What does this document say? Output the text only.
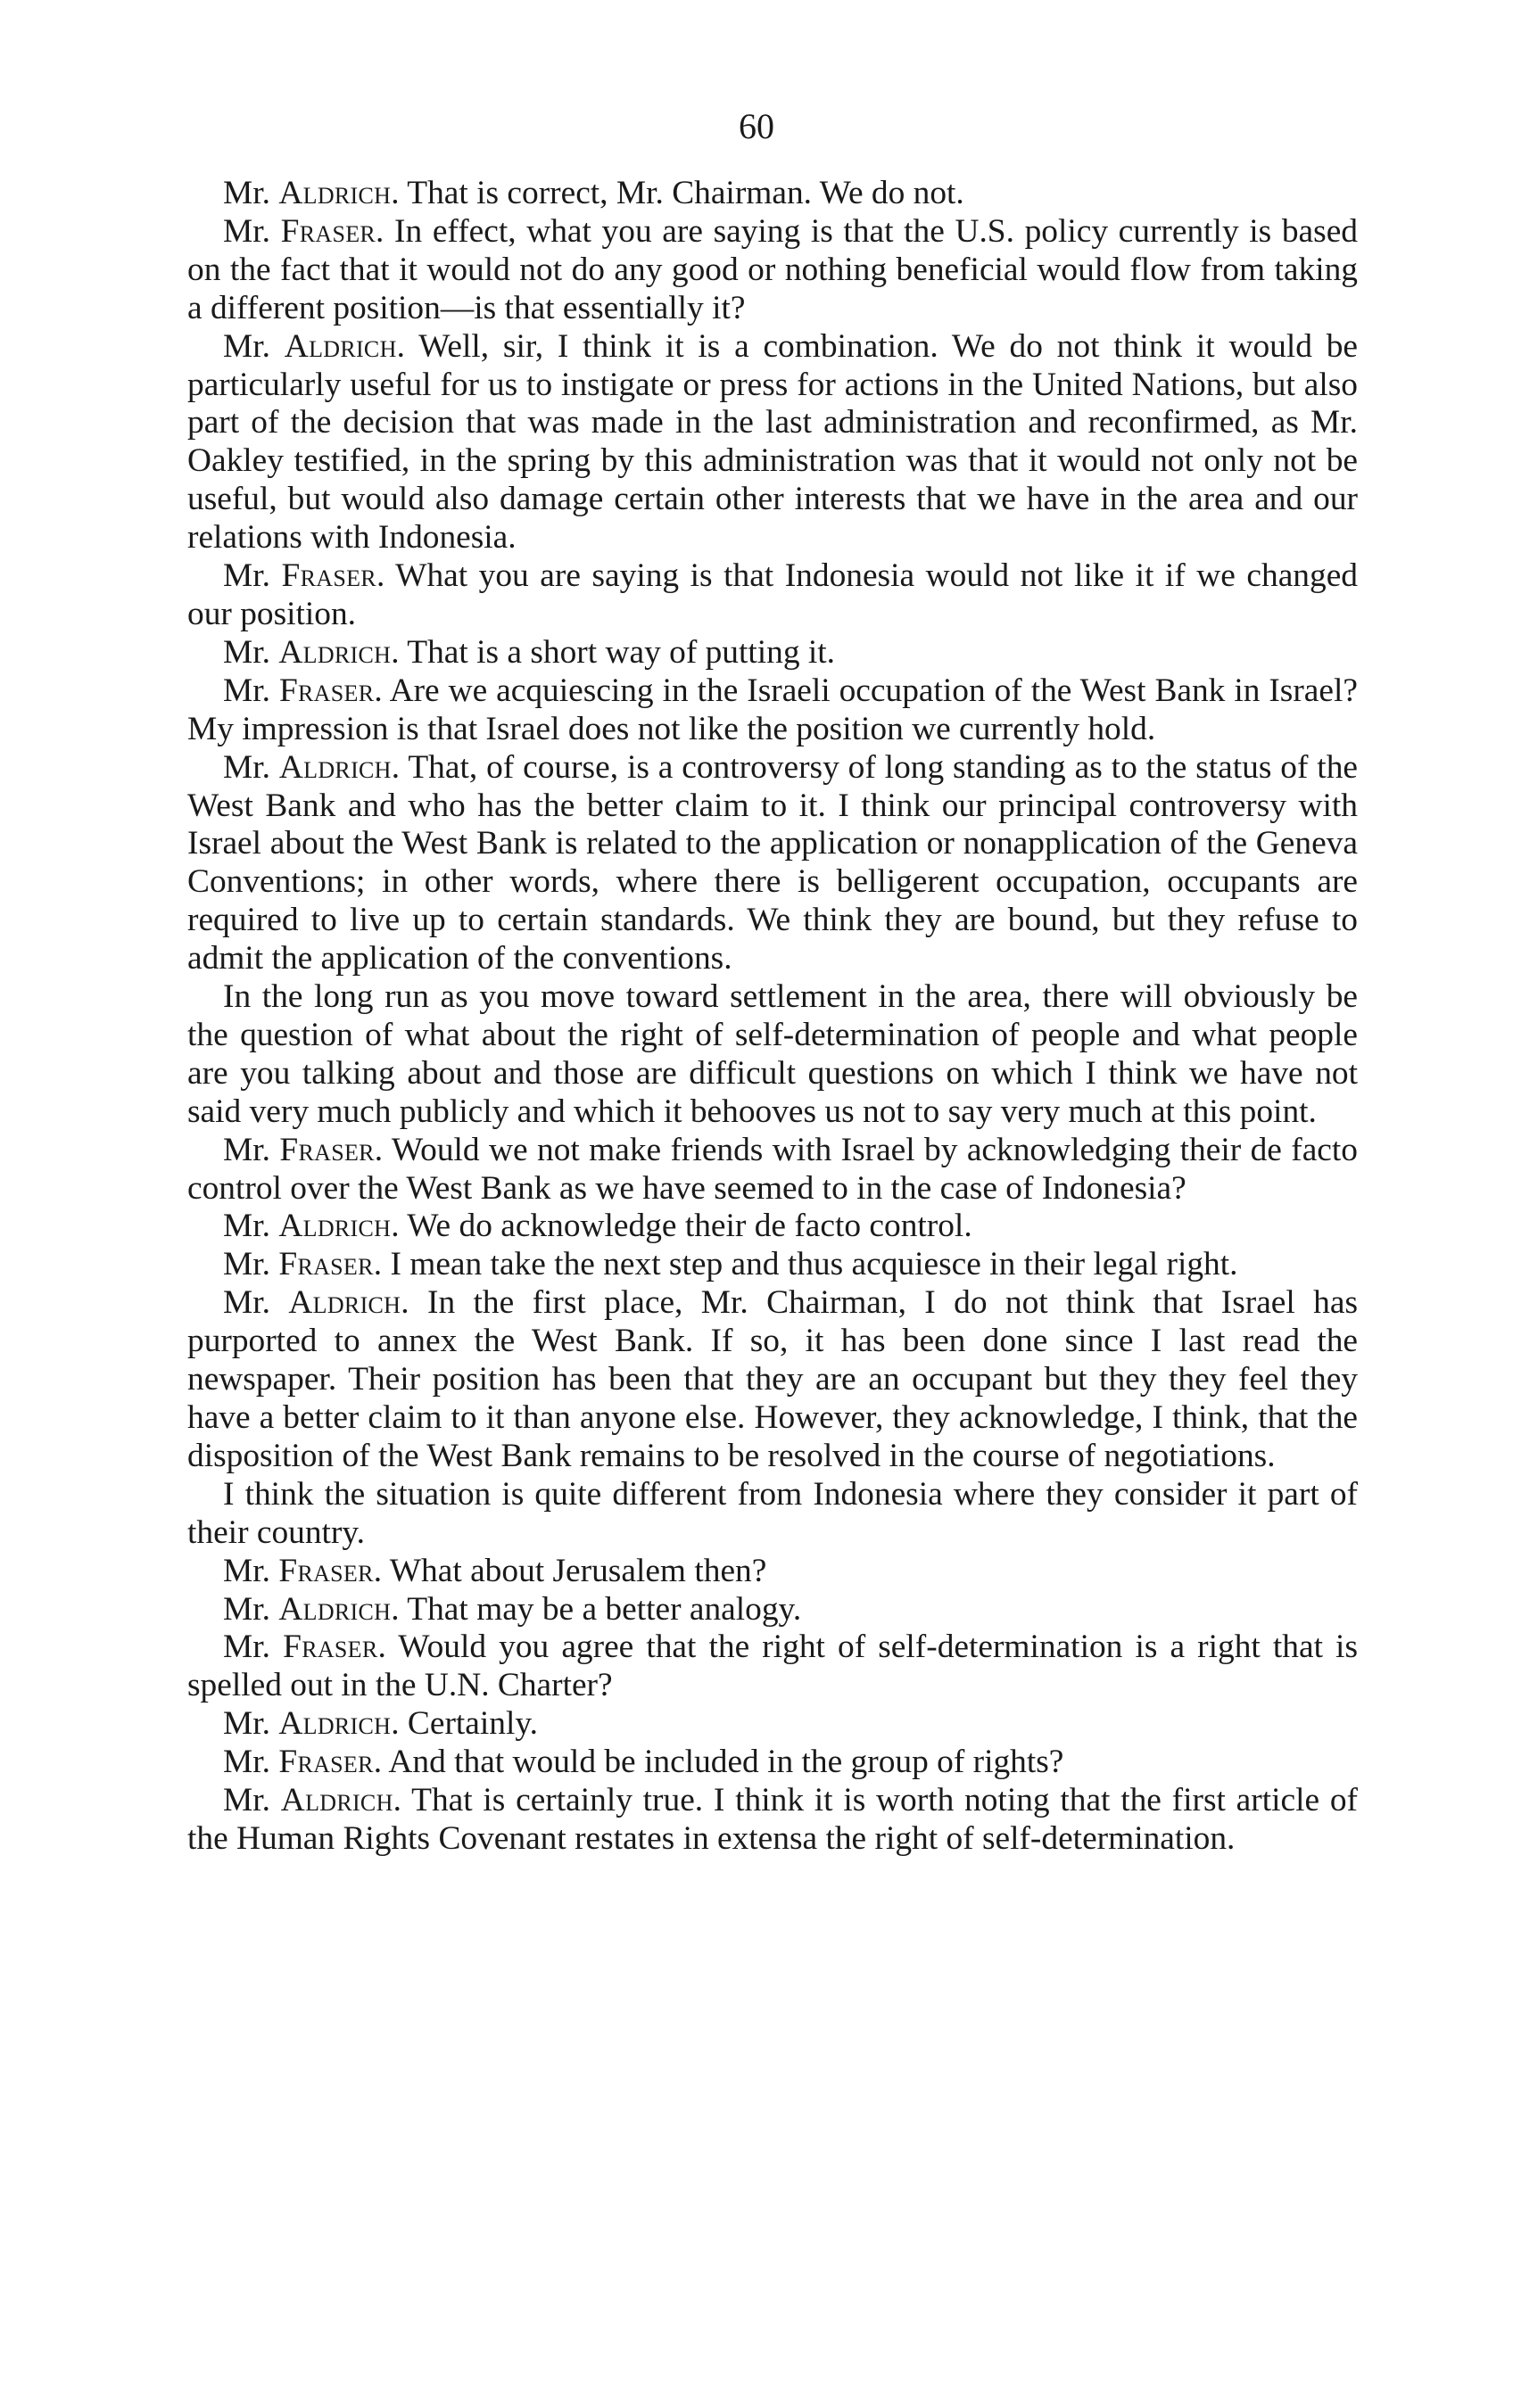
60

Mr. Aldrich. That is correct, Mr. Chairman. We do not.

Mr. Fraser. In effect, what you are saying is that the U.S. policy currently is based on the fact that it would not do any good or nothing beneficial would flow from taking a different position—is that essentially it?

Mr. Aldrich. Well, sir, I think it is a combination. We do not think it would be particularly useful for us to instigate or press for actions in the United Nations, but also part of the decision that was made in the last administration and reconfirmed, as Mr. Oakley testified, in the spring by this administration was that it would not only not be useful, but would also damage certain other interests that we have in the area and our relations with Indonesia.

Mr. Fraser. What you are saying is that Indonesia would not like it if we changed our position.

Mr. Aldrich. That is a short way of putting it.

Mr. Fraser. Are we acquiescing in the Israeli occupation of the West Bank in Israel? My impression is that Israel does not like the position we currently hold.

Mr. Aldrich. That, of course, is a controversy of long standing as to the status of the West Bank and who has the better claim to it. I think our principal controversy with Israel about the West Bank is related to the application or nonapplication of the Geneva Conventions; in other words, where there is belligerent occupation, occupants are required to live up to certain standards. We think they are bound, but they refuse to admit the application of the conventions.

In the long run as you move toward settlement in the area, there will obviously be the question of what about the right of self-determination of people and what people are you talking about and those are difficult questions on which I think we have not said very much publicly and which it behooves us not to say very much at this point.

Mr. Fraser. Would we not make friends with Israel by acknowledging their de facto control over the West Bank as we have seemed to in the case of Indonesia?

Mr. Aldrich. We do acknowledge their de facto control.

Mr. Fraser. I mean take the next step and thus acquiesce in their legal right.

Mr. Aldrich. In the first place, Mr. Chairman, I do not think that Israel has purported to annex the West Bank. If so, it has been done since I last read the newspaper. Their position has been that they are an occupant but they they feel they have a better claim to it than anyone else. However, they acknowledge, I think, that the disposition of the West Bank remains to be resolved in the course of negotiations.

I think the situation is quite different from Indonesia where they consider it part of their country.

Mr. Fraser. What about Jerusalem then?

Mr. Aldrich. That may be a better analogy.

Mr. Fraser. Would you agree that the right of self-determination is a right that is spelled out in the U.N. Charter?

Mr. Aldrich. Certainly.

Mr. Fraser. And that would be included in the group of rights?

Mr. Aldrich. That is certainly true. I think it is worth noting that the first article of the Human Rights Covenant restates in extensa the right of self-determination.
